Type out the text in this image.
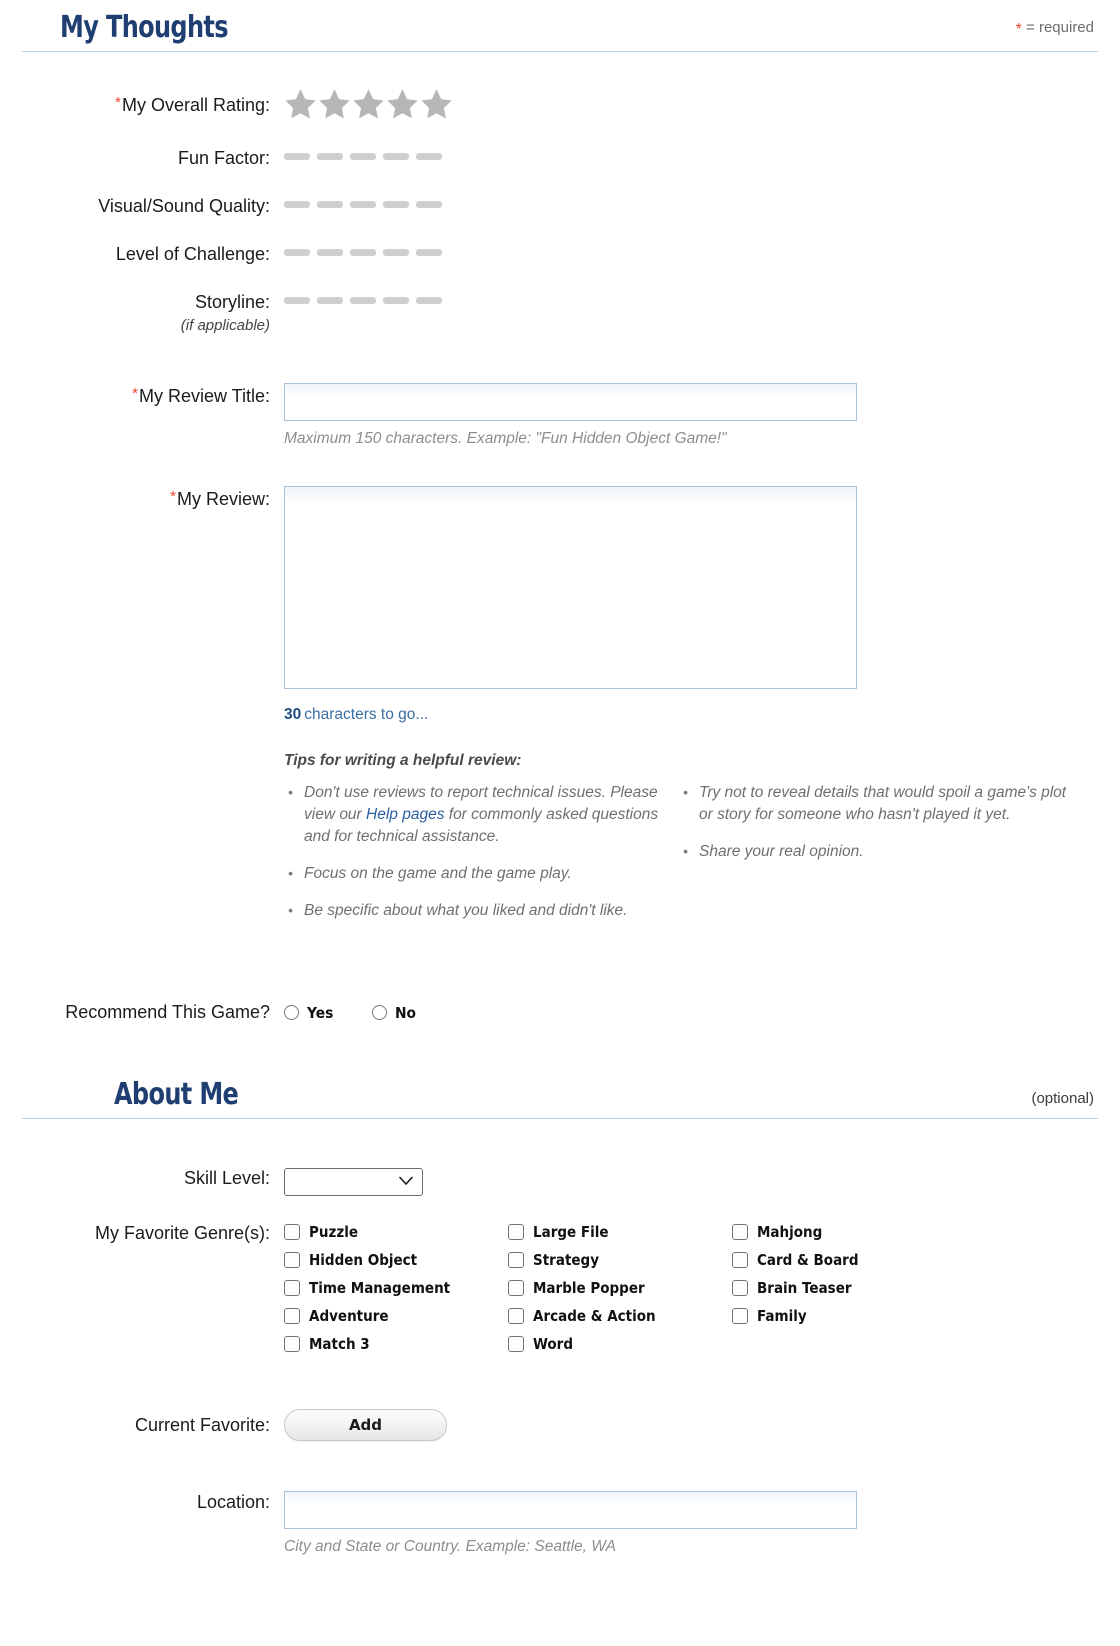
My Thoughts	* = required
*My Overall Rating:
Fun Factor:
Visual/Sound Quality:
Level of Challenge:
Storyline:
(if applicable)
*My Review Title:
Maximum 150 characters. Example: "Fun Hidden Object Game!"
*My Review:
30 characters to go...
Tips for writing a helpful review:
• Don't use reviews to report technical issues. Please view our Help pages for commonly asked questions and for technical assistance.
• Focus on the game and the game play.
• Be specific about what you liked and didn't like.
• Try not to reveal details that would spoil a game's plot or story for someone who hasn't played it yet.
• Share your real opinion.
Recommend This Game?	Yes	No
About Me	(optional)
Skill Level:
My Favorite Genre(s):	Puzzle	Large File	Mahjong
Hidden Object	Strategy	Card & Board
Time Management	Marble Popper	Brain Teaser
Adventure	Arcade & Action	Family
Match 3	Word
Current Favorite:	Add
Location:
City and State or Country. Example: Seattle, WA
